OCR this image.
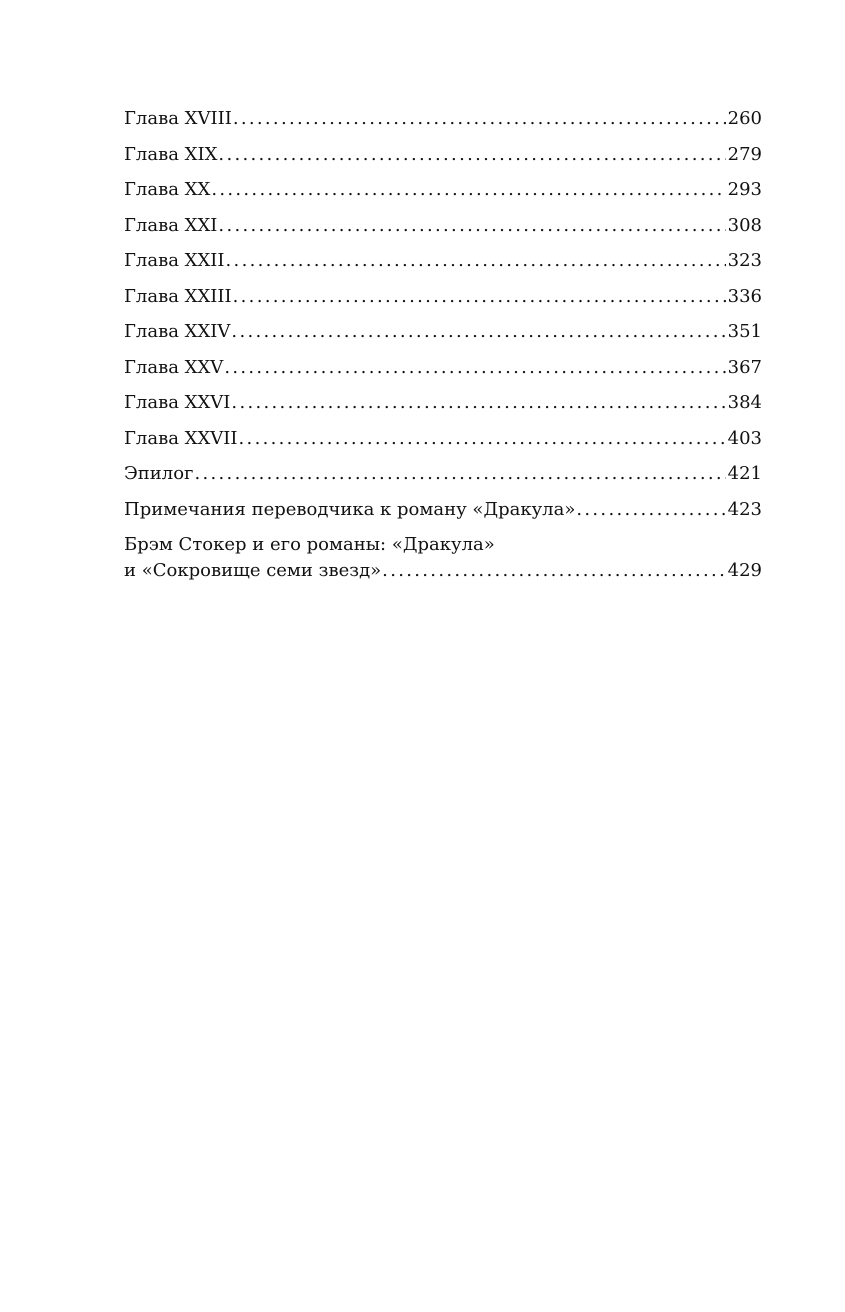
Глава XVIII .....	260
Глава XIX .....	279
Глава XX .....	293
Глава XXI .....	308
Глава XXII .....	323
Глава XXIII .....	336
Глава XXIV .....	351
Глава XXV .....	367
Глава XXVI .....	384
Глава XXVII .....	403
Эпилог .....	421
Примечания переводчика к роману «Дракула» .....	423
Брэм Стокер и его романы: «Дракула»
и «Сокровище семи звезд» .....	429
